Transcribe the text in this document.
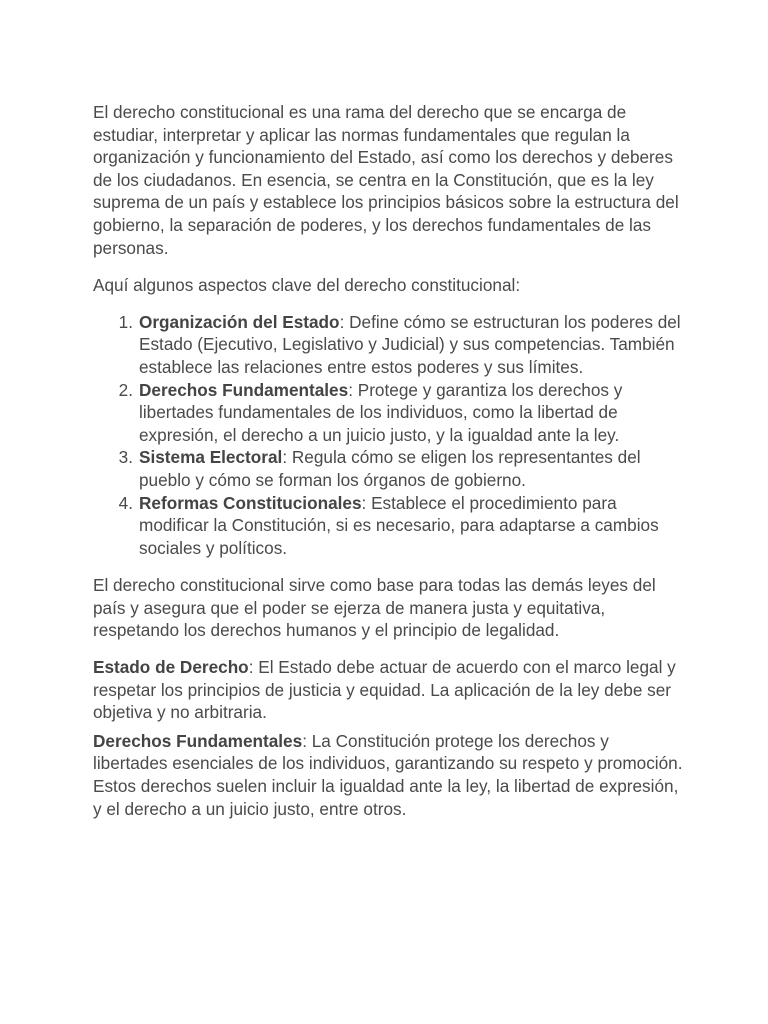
El derecho constitucional es una rama del derecho que se encarga de estudiar, interpretar y aplicar las normas fundamentales que regulan la organización y funcionamiento del Estado, así como los derechos y deberes de los ciudadanos. En esencia, se centra en la Constitución, que es la ley suprema de un país y establece los principios básicos sobre la estructura del gobierno, la separación de poderes, y los derechos fundamentales de las personas.

Aquí algunos aspectos clave del derecho constitucional:

1. Organización del Estado: Define cómo se estructuran los poderes del Estado (Ejecutivo, Legislativo y Judicial) y sus competencias. También establece las relaciones entre estos poderes y sus límites.
2. Derechos Fundamentales: Protege y garantiza los derechos y libertades fundamentales de los individuos, como la libertad de expresión, el derecho a un juicio justo, y la igualdad ante la ley.
3. Sistema Electoral: Regula cómo se eligen los representantes del pueblo y cómo se forman los órganos de gobierno.
4. Reformas Constitucionales: Establece el procedimiento para modificar la Constitución, si es necesario, para adaptarse a cambios sociales y políticos.

El derecho constitucional sirve como base para todas las demás leyes del país y asegura que el poder se ejerza de manera justa y equitativa, respetando los derechos humanos y el principio de legalidad.

Estado de Derecho: El Estado debe actuar de acuerdo con el marco legal y respetar los principios de justicia y equidad. La aplicación de la ley debe ser objetiva y no arbitraria.

Derechos Fundamentales: La Constitución protege los derechos y libertades esenciales de los individuos, garantizando su respeto y promoción. Estos derechos suelen incluir la igualdad ante la ley, la libertad de expresión, y el derecho a un juicio justo, entre otros.
